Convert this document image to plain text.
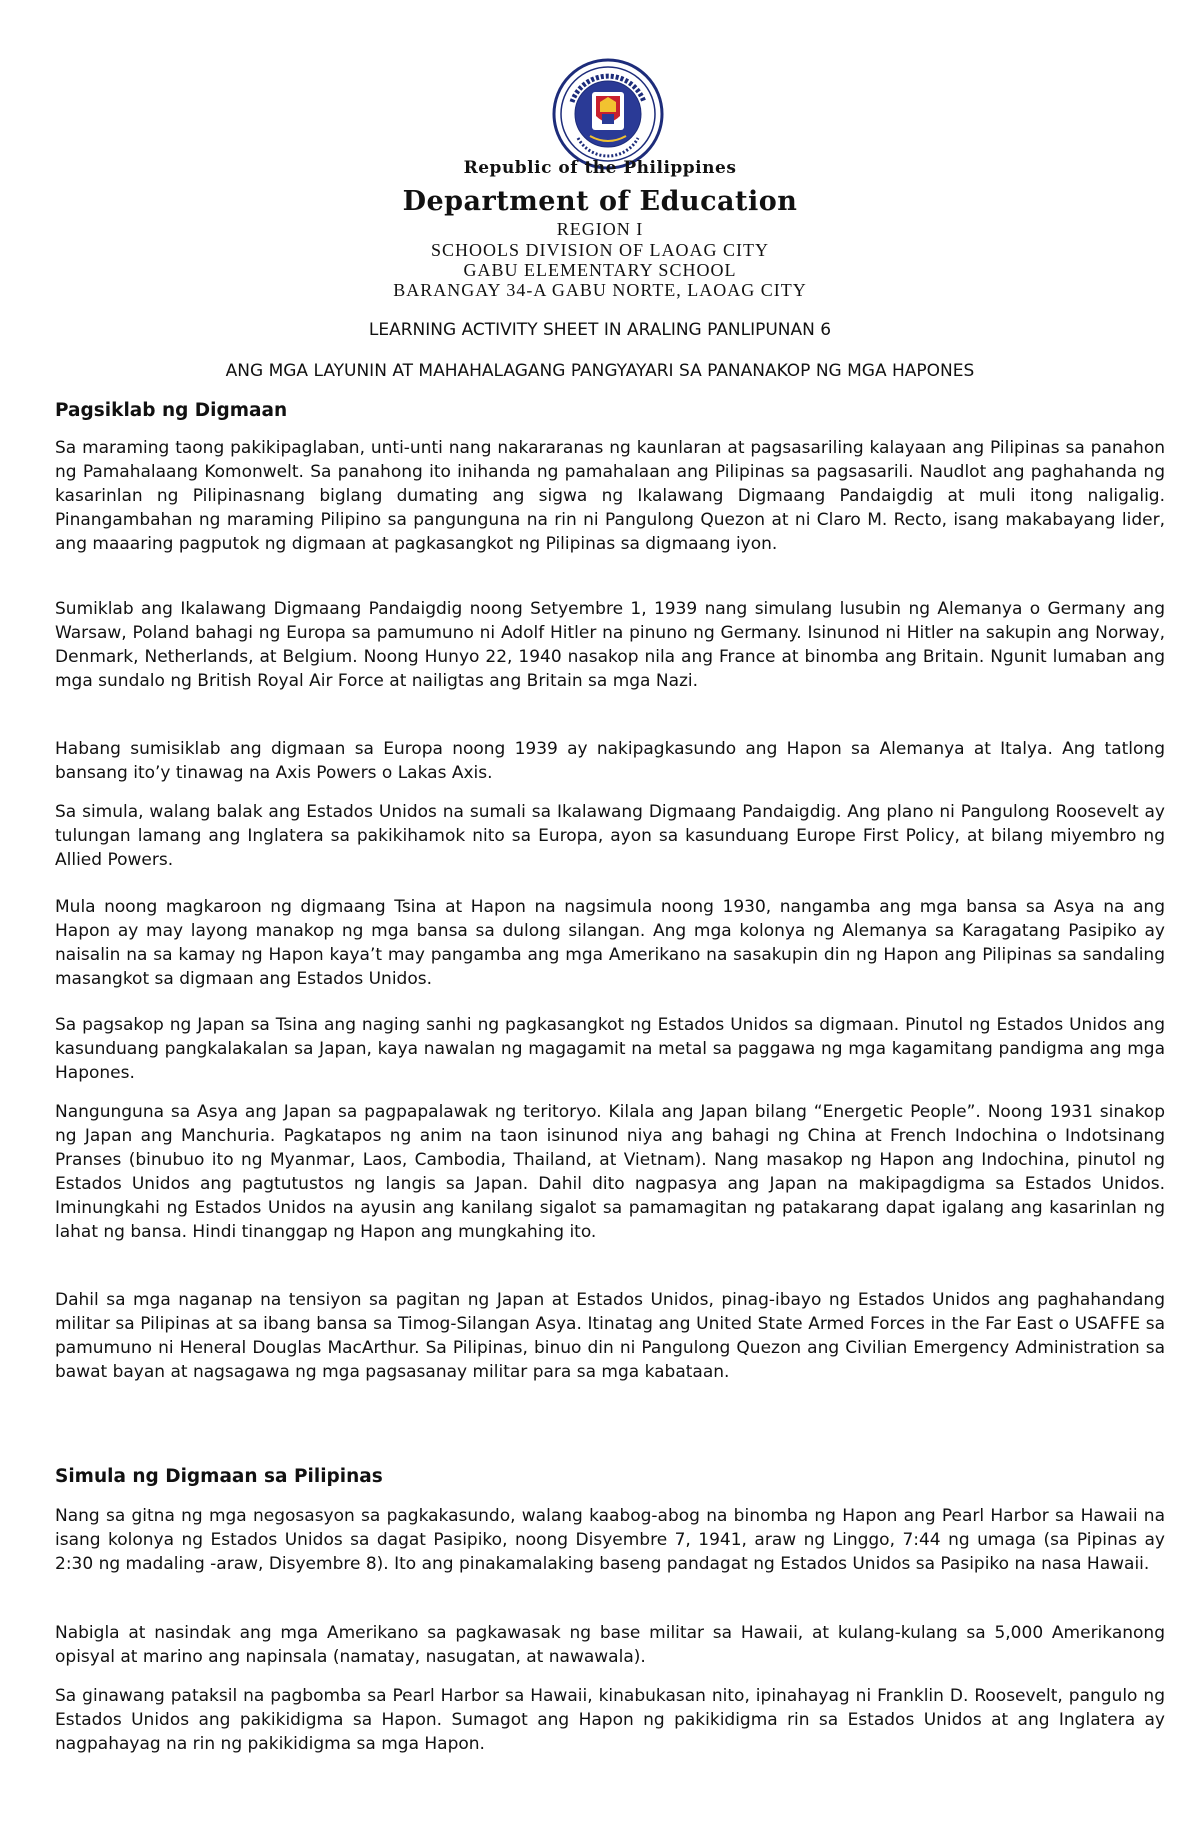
Republic of the Philippines
Department of Education
REGION I
SCHOOLS DIVISION OF LAOAG CITY
GABU ELEMENTARY SCHOOL
BARANGAY 34-A GABU NORTE, LAOAG CITY
LEARNING ACTIVITY SHEET IN ARALING PANLIPUNAN 6
ANG MGA LAYUNIN AT MAHAHALAGANG PANGYAYARI SA PANANAKOP NG MGA HAPONES
Pagsiklab ng Digmaan

Sa maraming taong pakikipaglaban, unti-unti nang nakararanas ng kaunlaran at pagsasariling kalayaan ang Pilipinas sa panahon ng Pamahalaang Komonwelt. Sa panahong ito inihanda ng pamahalaan ang Pilipinas sa pagsasarili. Naudlot ang paghahanda ng kasarinlan ng Pilipinasnang biglang dumating ang sigwa ng Ikalawang Digmaang Pandaigdig at muli itong naligalig. Pinangambahan ng maraming Pilipino sa pangunguna na rin ni Pangulong Quezon at ni Claro M. Recto, isang makabayang lider, ang maaaring pagputok ng digmaan at pagkasangkot ng Pilipinas sa digmaang iyon.

Sumiklab ang Ikalawang Digmaang Pandaigdig noong Setyembre 1, 1939 nang simulang lusubin ng Alemanya o Germany ang Warsaw, Poland bahagi ng Europa sa pamumuno ni Adolf Hitler na pinuno ng Germany. Isinunod ni Hitler na sakupin ang Norway, Denmark, Netherlands, at Belgium. Noong Hunyo 22, 1940 nasakop nila ang France at binomba ang Britain. Ngunit lumaban ang mga sundalo ng British Royal Air Force at nailigtas ang Britain sa mga Nazi.

Habang sumisiklab ang digmaan sa Europa noong 1939 ay nakipagkasundo ang Hapon sa Alemanya at Italya. Ang tatlong bansang ito’y tinawag na Axis Powers o Lakas Axis.

Sa simula, walang balak ang Estados Unidos na sumali sa Ikalawang Digmaang Pandaigdig. Ang plano ni Pangulong Roosevelt ay tulungan lamang ang Inglatera sa pakikihamok nito sa Europa, ayon sa kasunduang Europe First Policy, at bilang miyembro ng Allied Powers.

Mula noong magkaroon ng digmaang Tsina at Hapon na nagsimula noong 1930, nangamba ang mga bansa sa Asya na ang Hapon ay may layong manakop ng mga bansa sa dulong silangan. Ang mga kolonya ng Alemanya sa Karagatang Pasipiko ay naisalin na sa kamay ng Hapon kaya’t may pangamba ang mga Amerikano na sasakupin din ng Hapon ang Pilipinas sa sandaling masangkot sa digmaan ang Estados Unidos.

Sa pagsakop ng Japan sa Tsina ang naging sanhi ng pagkasangkot ng Estados Unidos sa digmaan. Pinutol ng Estados Unidos ang kasunduang pangkalakalan sa Japan, kaya nawalan ng magagamit na metal sa paggawa ng mga kagamitang pandigma ang mga Hapones.

Nangunguna sa Asya ang Japan sa pagpapalawak ng teritoryo. Kilala ang Japan bilang “Energetic People”. Noong 1931 sinakop ng Japan ang Manchuria. Pagkatapos ng anim na taon isinunod niya ang bahagi ng China at French Indochina o Indotsinang Pranses (binubuo ito ng Myanmar, Laos, Cambodia, Thailand, at Vietnam). Nang masakop ng Hapon ang Indochina, pinutol ng Estados Unidos ang pagtutustos ng langis sa Japan. Dahil dito nagpasya ang Japan na makipagdigma sa Estados Unidos. Iminungkahi ng Estados Unidos na ayusin ang kanilang sigalot sa pamamagitan ng patakarang dapat igalang ang kasarinlan ng lahat ng bansa. Hindi tinanggap ng Hapon ang mungkahing ito.

Dahil sa mga naganap na tensiyon sa pagitan ng Japan at Estados Unidos, pinag-ibayo ng Estados Unidos ang paghahandang militar sa Pilipinas at sa ibang bansa sa Timog-Silangan Asya. Itinatag ang United State Armed Forces in the Far East o USAFFE sa pamumuno ni Heneral Douglas MacArthur. Sa Pilipinas, binuo din ni Pangulong Quezon ang Civilian Emergency Administration sa bawat bayan at nagsagawa ng mga pagsasanay militar para sa mga kabataan.

Simula ng Digmaan sa Pilipinas

Nang sa gitna ng mga negosasyon sa pagkakasundo, walang kaabog-abog na binomba ng Hapon ang Pearl Harbor sa Hawaii na isang kolonya ng Estados Unidos sa dagat Pasipiko, noong Disyembre 7, 1941, araw ng Linggo, 7:44 ng umaga (sa Pipinas ay 2:30 ng madaling -araw, Disyembre 8). Ito ang pinakamalaking baseng pandagat ng Estados Unidos sa Pasipiko na nasa Hawaii.

Nabigla at nasindak ang mga Amerikano sa pagkawasak ng base militar sa Hawaii, at kulang-kulang sa 5,000 Amerikanong opisyal at marino ang napinsala (namatay, nasugatan, at nawawala).

Sa ginawang pataksil na pagbomba sa Pearl Harbor sa Hawaii, kinabukasan nito, ipinahayag ni Franklin D. Roosevelt, pangulo ng Estados Unidos ang pakikidigma sa Hapon. Sumagot ang Hapon ng pakikidigma rin sa Estados Unidos at ang Inglatera ay nagpahayag na rin ng pakikidigma sa mga Hapon.
